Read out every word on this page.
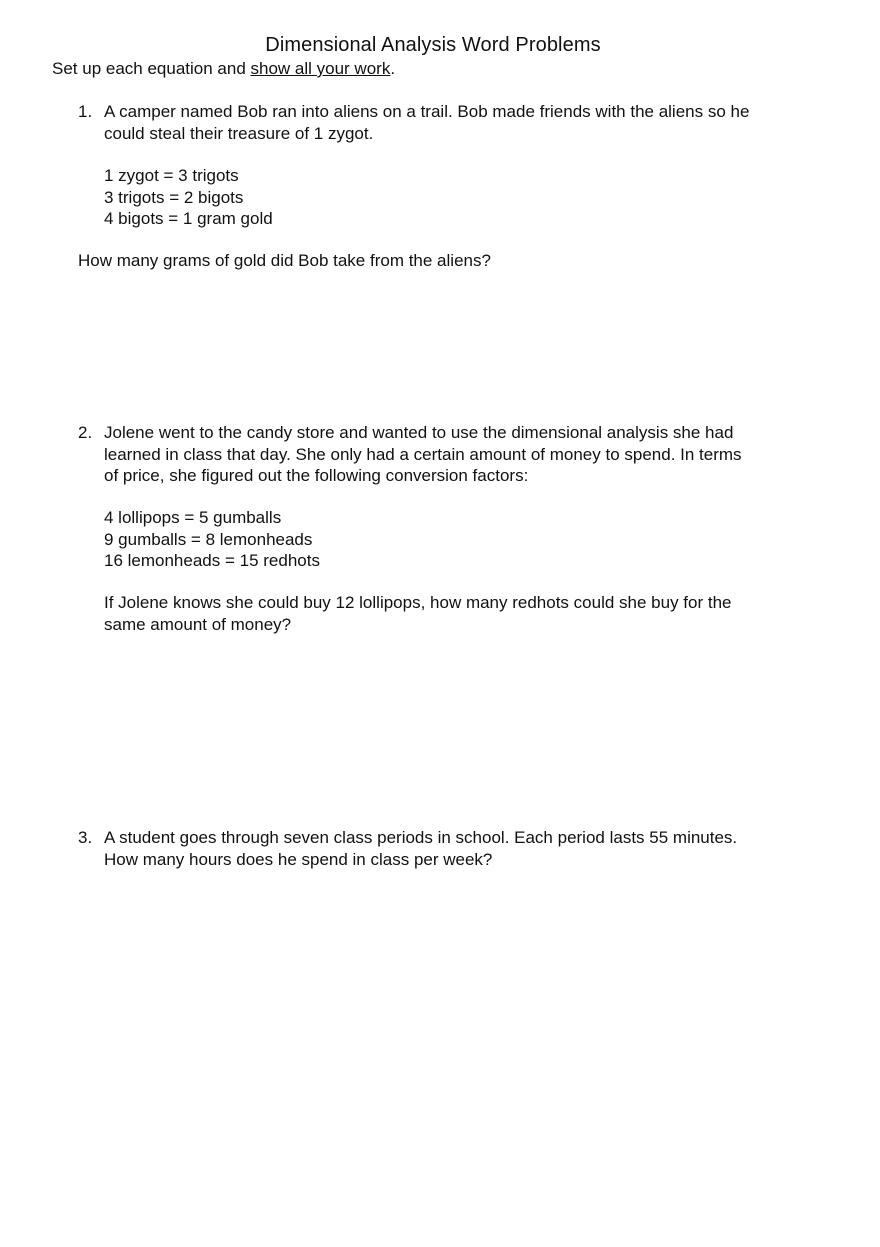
Dimensional Analysis Word Problems
Set up each equation and show all your work.
1. A camper named Bob ran into aliens on a trail. Bob made friends with the aliens so he
could steal their treasure of 1 zygot.
1 zygot = 3 trigots
3 trigots = 2 bigots
4 bigots = 1 gram gold
How many grams of gold did Bob take from the aliens?
2. Jolene went to the candy store and wanted to use the dimensional analysis she had
learned in class that day. She only had a certain amount of money to spend. In terms
of price, she figured out the following conversion factors:
4 lollipops = 5 gumballs
9 gumballs = 8 lemonheads
16 lemonheads = 15 redhots
If Jolene knows she could buy 12 lollipops, how many redhots could she buy for the
same amount of money?
3. A student goes through seven class periods in school. Each period lasts 55 minutes.
How many hours does he spend in class per week?
